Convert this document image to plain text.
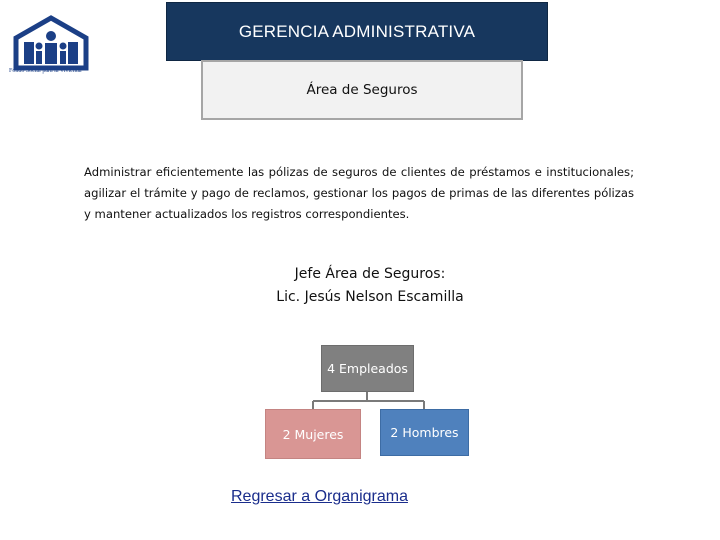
Fondo Social para la Vivienda
GERENCIA ADMINISTRATIVA
Área de Seguros

Administrar eficientemente las pólizas de seguros de clientes de préstamos e institucionales; agilizar el trámite y pago de reclamos, gestionar los pagos de primas de las diferentes pólizas y mantener actualizados los registros correspondientes.

Jefe Área de Seguros:
Lic. Jesús Nelson Escamilla
4 Empleados
2 Mujeres	2 Hombres
Regresar a Organigrama
